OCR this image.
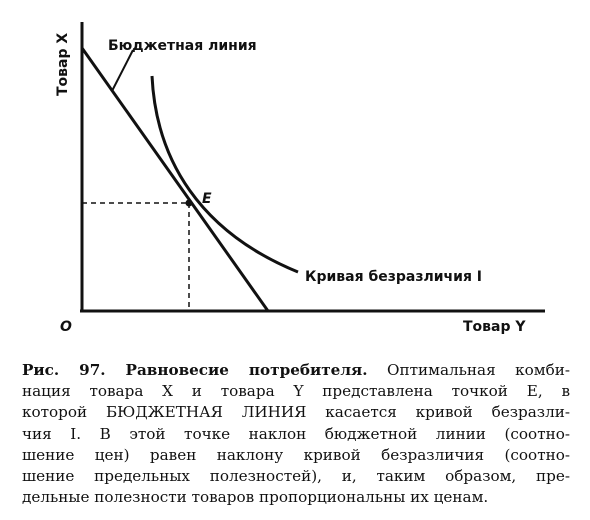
Товар X
Товар Y
O
Бюджетная линия
Кривая безразличия I
E
Рис. 97. Равновесие потребителя. Оптимальная комби-
нация товара X и товара Y представлена точкой E, в
которой БЮДЖЕТНАЯ ЛИНИЯ касается кривой безразли-
чия I. В этой точке наклон бюджетной линии (соотно-
шение цен) равен наклону кривой безразличия (соотно-
шение предельных полезностей), и, таким образом, пре-
дельные полезности товаров пропорциональны их ценам.
